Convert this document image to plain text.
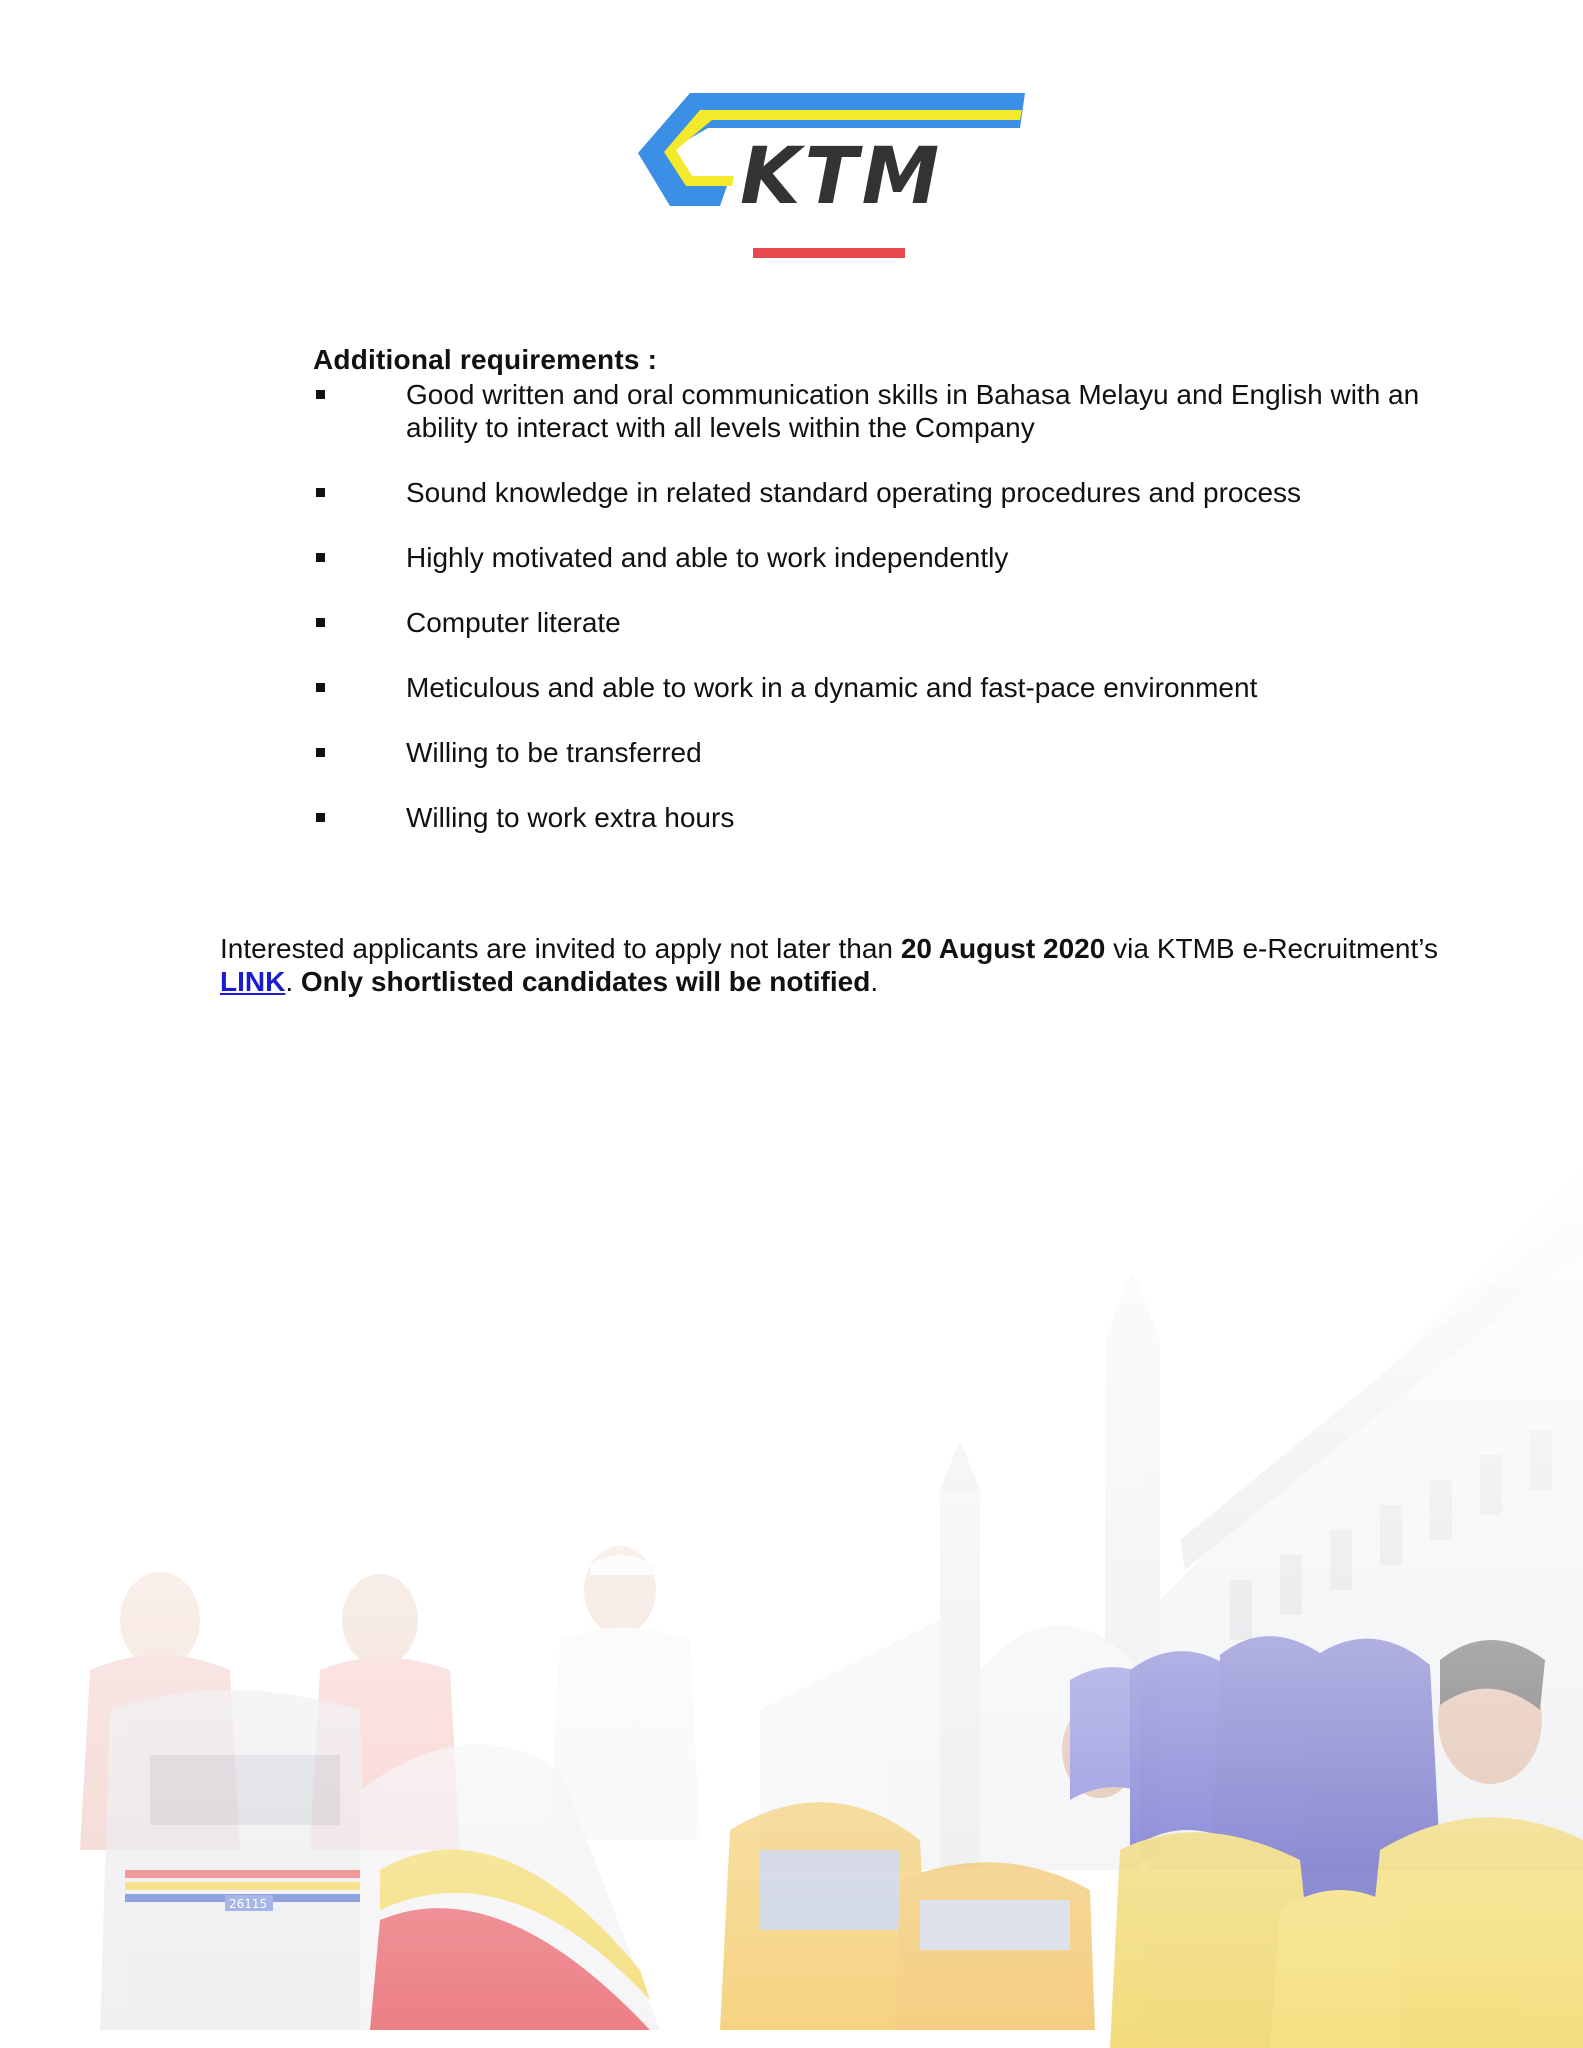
KTM
Additional requirements :
Good written and oral communication skills in Bahasa Melayu and English with an ability to interact with all levels within the Company
Sound knowledge in related standard operating procedures and process
Highly motivated and able to work independently
Computer literate
Meticulous and able to work in a dynamic and fast-pace environment
Willing to be transferred
Willing to work extra hours

Interested applicants are invited to apply not later than 20 August 2020 via KTMB e-Recruitment’s LINK. Only shortlisted candidates will be notified.
